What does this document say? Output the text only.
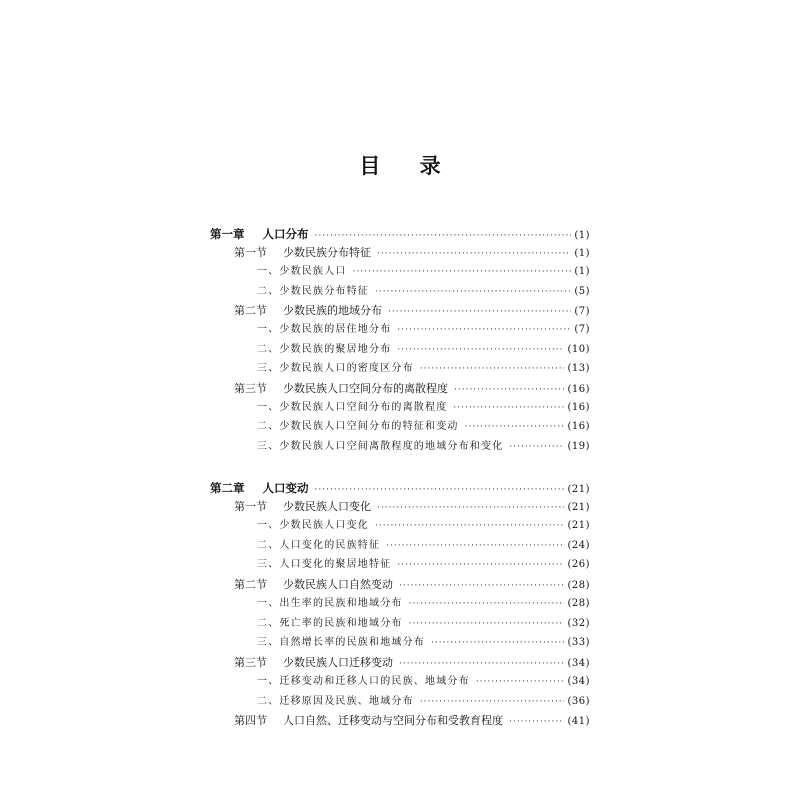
目 录
第一章 人口分布 ·····	(1)
第一节 少数民族分布特征 ·····	(1)
一、少数民族人口 ·····	(1)
二、少数民族分布特征 ·····	(5)
第二节 少数民族的地域分布 ·····	(7)
一、少数民族的居住地分布 ·····	(7)
二、少数民族的聚居地分布 ·····	(10)
三、少数民族人口的密度区分布 ·····	(13)
第三节 少数民族人口空间分布的离散程度 ·····	(16)
一、少数民族人口空间分布的离散程度 ·····	(16)
二、少数民族人口空间分布的特征和变动 ·····	(16)
三、少数民族人口空间离散程度的地域分布和变化 ·····	(19)
第二章 人口变动 ·····	(21)
第一节 少数民族人口变化 ·····	(21)
一、少数民族人口变化 ·····	(21)
二、人口变化的民族特征 ·····	(24)
三、人口变化的聚居地特征 ·····	(26)
第二节 少数民族人口自然变动 ·····	(28)
一、出生率的民族和地域分布 ·····	(28)
二、死亡率的民族和地域分布 ·····	(32)
三、自然增长率的民族和地域分布 ·····	(33)
第三节 少数民族人口迁移变动 ·····	(34)
一、迁移变动和迁移人口的民族、地域分布 ·····	(34)
二、迁移原因及民族、地域分布 ·····	(36)
第四节 人口自然、迁移变动与空间分布和受教育程度 ·····	(41)
